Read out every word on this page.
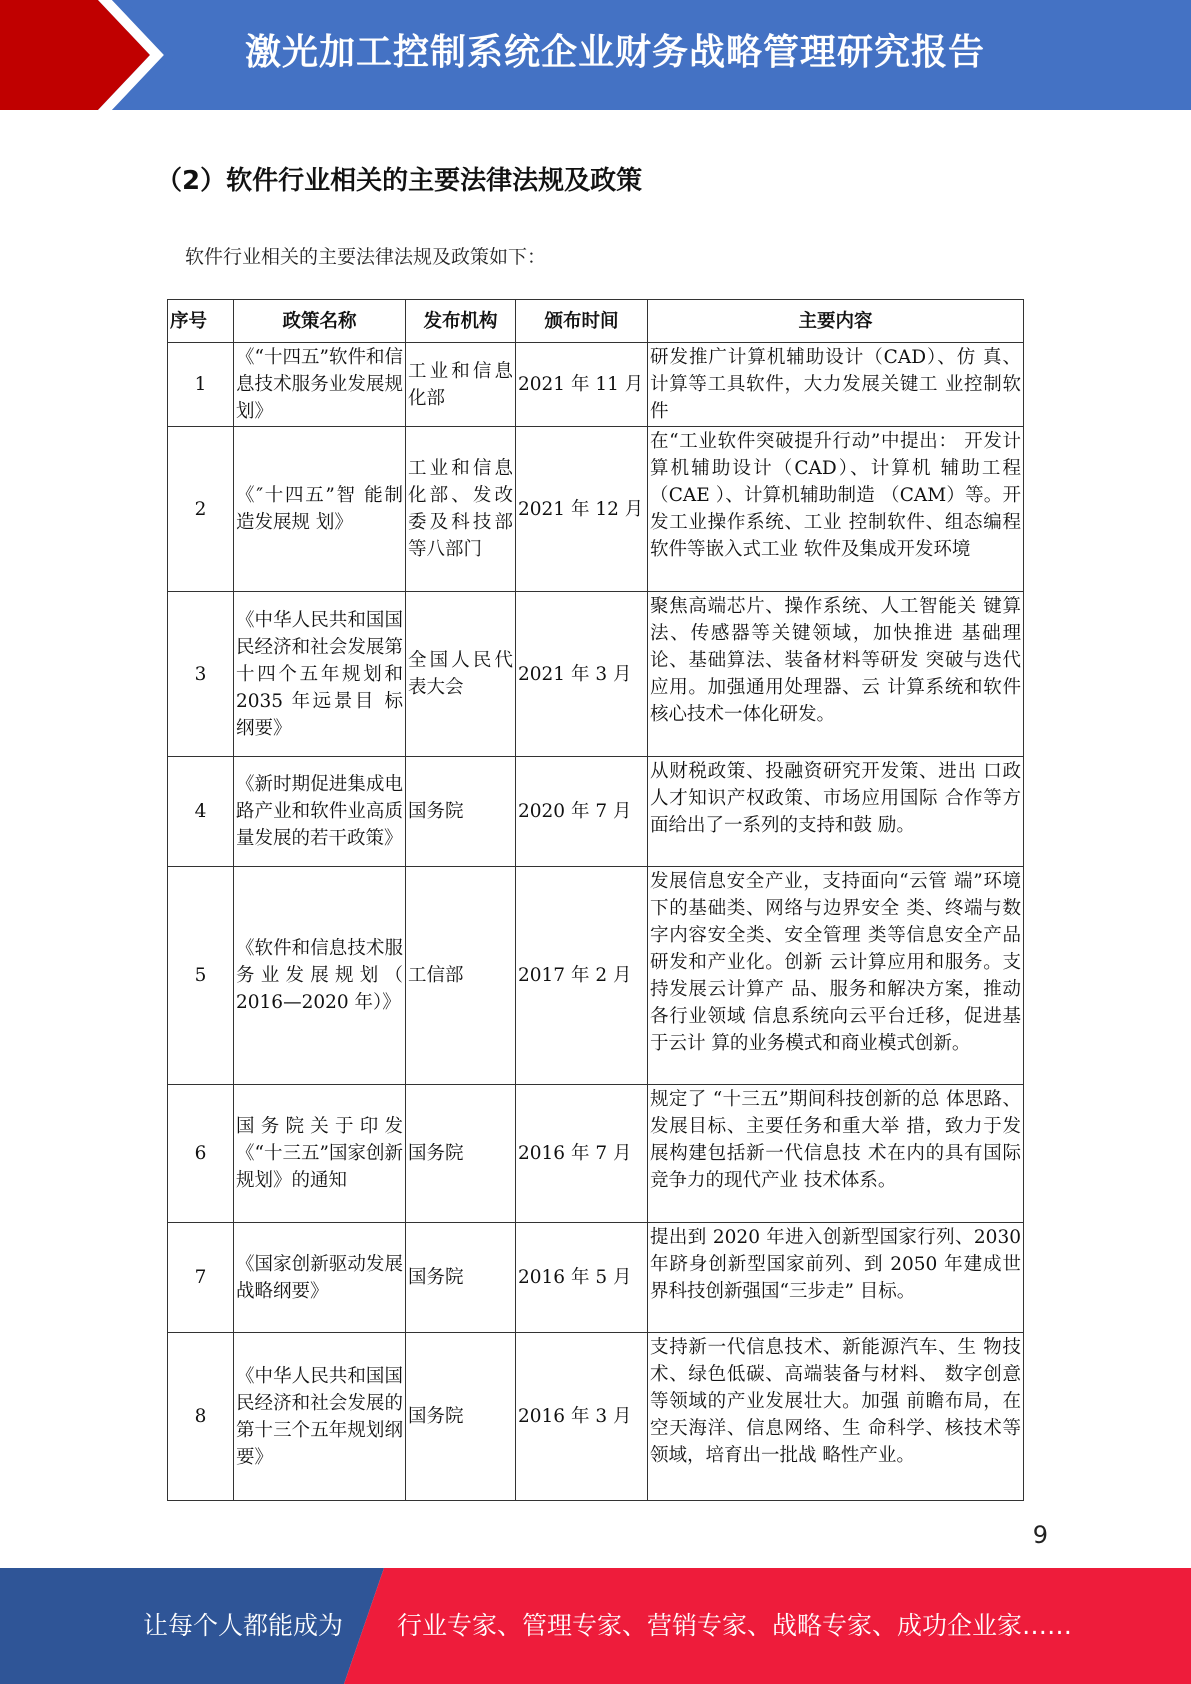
激光加工控制系统企业财务战略管理研究报告
（2）软件行业相关的主要法律法规及政策
软件行业相关的主要法律法规及政策如下：
序号	政策名称	发布机构	颁布时间	主要内容
1	《“十四五”软件和信息技术服务业发展规划》	工业和信息化部	2021 年 11 月	研发推广计算机辅助设计（CAD）、仿 真、计算等工具软件，大力发展关键工 业控制软件
2	《″十四五”智 能制造发展规 划》	工业和信息化部、发改委及科技部等八部门	2021 年 12 月	在“工业软件突破提升行动”中提出： 开发计算机辅助设计（CAD）、计算机 辅助工程（CAE ）、计算机辅助制造 （CAM）等。开发工业操作系统、工业 控制软件、组态编程软件等嵌入式工业 软件及集成开发环境
3	《中华人民共和国国民经济和社会发展第十四个五年规划和 2035 年远景目 标纲要》	全国人民代表大会	2021 年 3 月	聚焦高端芯片、操作系统、人工智能关 键算法、传感器等关键领域，加快推进 基础理论、基础算法、装备材料等研发 突破与迭代应用。加强通用处理器、云 计算系统和软件核心技术一体化研发。
4	《新时期促进集成电路产业和软件业高质量发展的若干政策》	国务院	2020 年 7 月	从财税政策、投融资研究开发策、进出 口政人才知识产权政策、市场应用国际 合作等方面给出了一系列的支持和鼓 励。
5	《软件和信息技术服务业发展规划（ 2016—2020 年）》	工信部	2017 年 2 月	发展信息安全产业，支持面向“云管 端”环境下的基础类、网络与边界安全 类、终端与数字内容安全类、安全管理 类等信息安全产品研发和产业化。创新 云计算应用和服务。支持发展云计算产 品、服务和解决方案，推动各行业领域 信息系统向云平台迁移，促进基于云计 算的业务模式和商业模式创新。
6	国务院关于印发《“十三五”国家创新规划》的通知	国务院	2016 年 7 月	规定了 “十三五”期间科技创新的总 体思路、发展目标、主要任务和重大举 措，致力于发展构建包括新一代信息技 术在内的具有国际竞争力的现代产业 技术体系。
7	《国家创新驱动发展战略纲要》	国务院	2016 年 5 月	提出到 2020 年进入创新型国家行列、2030 年跻身创新型国家前列、到 2050 年建成世界科技创新强国“三步走” 目标。
8	《中华人民共和国国民经济和社会发展的第十三个五年规划纲 要》	国务院	2016 年 3 月	支持新一代信息技术、新能源汽车、生 物技术、绿色低碳、高端装备与材料、 数字创意等领域的产业发展壮大。加强 前瞻布局，在空天海洋、信息网络、生 命科学、核技术等领域，培育出一批战 略性产业。
9
让每个人都能成为 行业专家、管理专家、营销专家、战略专家、成功企业家……
